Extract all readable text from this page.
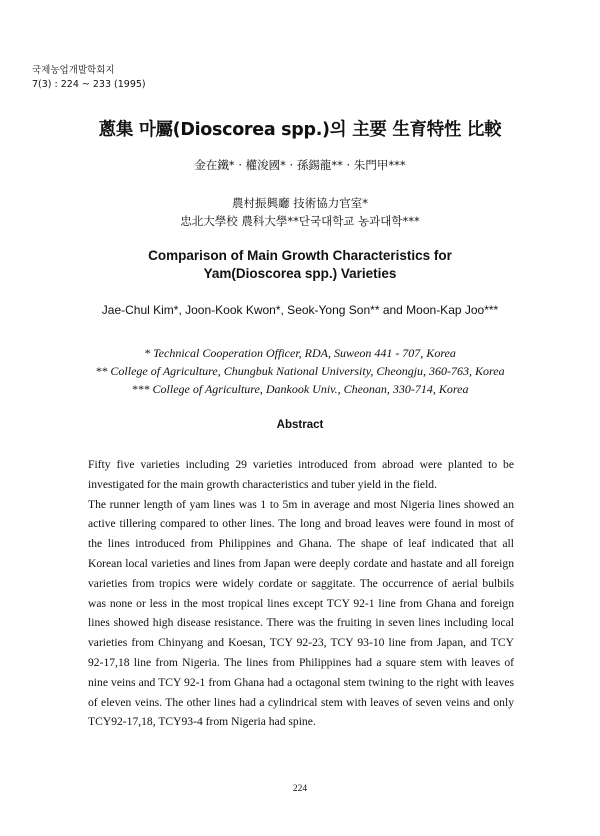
국제농업개발학회지
7(3) : 224 ~ 233 (1995)
蔥集 마屬(Dioscorea spp.)의 主要 生育特性 比較
金在鐵* · 權浚國* · 孫錫龍** · 朱門甲***
農村振興廳 技術協力官室*
忠北大學校 農科大學**단국대학교 농과대학***
Comparison of Main Growth Characteristics for
Yam(Dioscorea spp.) Varieties
Jae-Chul Kim*, Joon-Kook Kwon*, Seok-Yong Son** and Moon-Kap Joo***
* Technical Cooperation Officer, RDA, Suweon 441 - 707, Korea
** College of Agriculture, Chungbuk National University, Cheongju, 360-763, Korea
*** College of Agriculture, Dankook Univ., Cheonan, 330-714, Korea
Abstract

Fifty five varieties including 29 varieties introduced from abroad were planted to be investigated for the main growth characteristics and tuber yield in the field.

The runner length of yam lines was 1 to 5m in average and most Nigeria lines showed an active tillering compared to other lines. The long and broad leaves were found in most of the lines introduced from Philippines and Ghana. The shape of leaf indicated that all Korean local varieties and lines from Japan were deeply cordate and hastate and all foreign varieties from tropics were widely cordate or saggitate. The occurrence of aerial bulbils was none or less in the most tropical lines except TCY 92-1 line from Ghana and foreign lines showed high disease resistance. There was the fruiting in seven lines including local varieties from Chinyang and Koesan, TCY 92-23, TCY 93-10 line from Japan, and TCY 92-17,18 line from Nigeria. The lines from Philippines had a square stem with leaves of nine veins and TCY 92-1 from Ghana had a octagonal stem twining to the right with leaves of eleven veins. The other lines had a cylindrical stem with leaves of seven veins and only TCY92-17,18, TCY93-4 from Nigeria had spine.

224
